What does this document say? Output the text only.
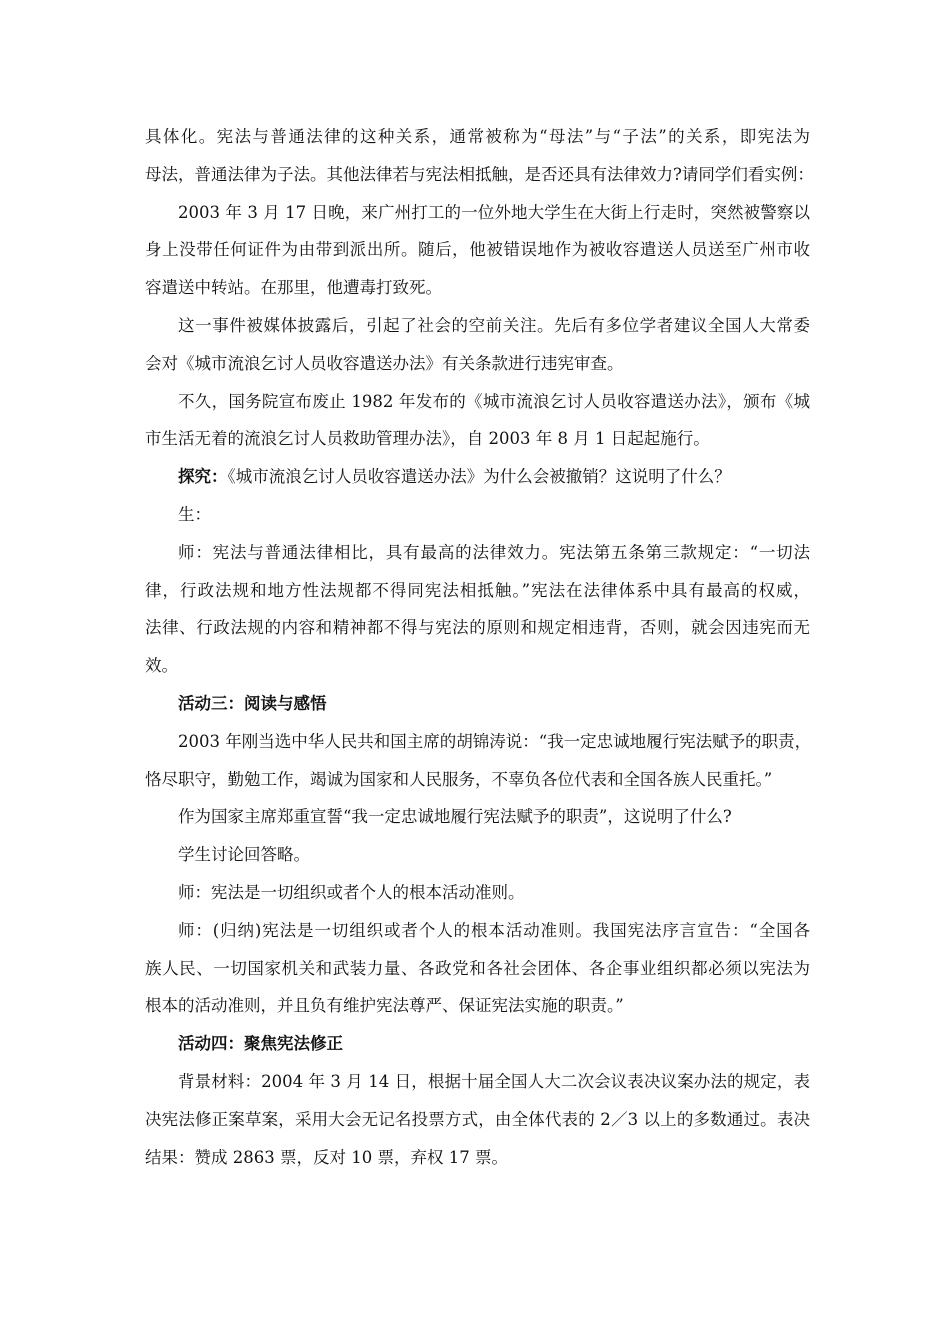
具体化。宪法与普通法律的这种关系，通常被称为“母法”与“子法”的关系，即宪法为
母法，普通法律为子法。其他法律若与宪法相抵触，是否还具有法律效力?请同学们看实例：
2003 年 3 月 17 日晚，来广州打工的一位外地大学生在大街上行走时，突然被警察以
身上没带任何证件为由带到派出所。随后，他被错误地作为被收容遣送人员送至广州市收
容遣送中转站。在那里，他遭毒打致死。
这一事件被媒体披露后，引起了社会的空前关注。先后有多位学者建议全国人大常委
会对《城市流浪乞讨人员收容遣送办法》有关条款进行违宪审查。
不久，国务院宣布废止 1982 年发布的《城市流浪乞讨人员收容遣送办法》，颁布《城
市生活无着的流浪乞讨人员救助管理办法》，自 2003 年 8 月 1 日起起施行。
探究：《城市流浪乞讨人员收容遣送办法》为什么会被撤销？这说明了什么？
生：
师：宪法与普通法律相比，具有最高的法律效力。宪法第五条第三款规定：“一切法
律，行政法规和地方性法规都不得同宪法相抵触。”宪法在法律体系中具有最高的权威，
法律、行政法规的内容和精神都不得与宪法的原则和规定相违背，否则，就会因违宪而无
效。
活动三：阅读与感悟
2003 年刚当选中华人民共和国主席的胡锦涛说：“我一定忠诚地履行宪法赋予的职责，
恪尽职守，勤勉工作，竭诚为国家和人民服务，不辜负各位代表和全国各族人民重托。”
作为国家主席郑重宣誓“我一定忠诚地履行宪法赋予的职责”，这说明了什么?
学生讨论回答略。
师：宪法是一切组织或者个人的根本活动准则。
师：(归纳)宪法是一切组织或者个人的根本活动准则。我国宪法序言宣告：“全国各
族人民、一切国家机关和武装力量、各政党和各社会团体、各企事业组织都必须以宪法为
根本的活动准则，并且负有维护宪法尊严、保证宪法实施的职责。”
活动四：聚焦宪法修正
背景材料：2004 年 3 月 14 日，根据十届全国人大二次会议表决议案办法的规定，表
决宪法修正案草案，采用大会无记名投票方式，由全体代表的 2／3 以上的多数通过。表决
结果：赞成 2863 票，反对 10 票，弃权 17 票。
